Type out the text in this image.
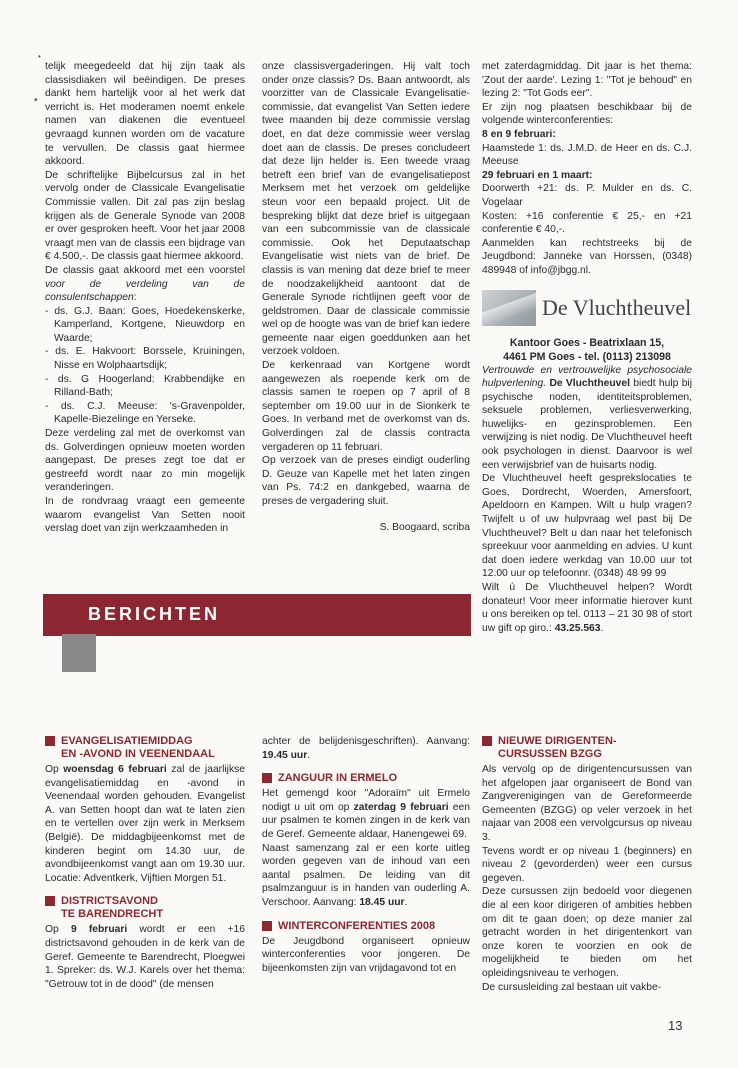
•
•

telijk meegedeeld dat hij zijn taak als classisdiaken wil beëindigen. De preses dankt hem hartelijk voor al het werk dat verricht is. Het moderamen noemt enkele namen van diakenen die eventueel gevraagd kunnen worden om de vacature te vervullen. De classis gaat hiermee akkoord.

De schriftelijke Bijbelcursus zal in het vervolg onder de Classicale Evangelisatie Commissie vallen. Dit zal pas zijn beslag krijgen als de Generale Synode van 2008 er over gesproken heeft. Voor het jaar 2008 vraagt men van de classis een bijdrage van € 4.500,-. De classis gaat hiermee akkoord.

De classis gaat akkoord met een voorstel voor de verdeling van de consulentschappen:

- ds. G.J. Baan: Goes, Hoedekenskerke, Kamperland, Kortgene, Nieuwdorp en Waarde;
- ds. E. Hakvoort: Borssele, Kruiningen, Nisse en Wolphaartsdijk;
- ds. G Hoogerland: Krabbendijke en Rilland-Bath;
- ds. C.J. Meeuse: 's-Gravenpolder, Kapelle-Biezelinge en Yerseke.

Deze verdeling zal met de overkomst van ds. Golverdingen opnieuw moeten worden aangepast. De preses zegt toe dat er gestreefd wordt naar zo min mogelijk veranderingen.

In de rondvraag vraagt een gemeente waarom evangelist Van Setten nooit verslag doet van zijn werkzaamheden in

onze classisvergaderingen. Hij valt toch onder onze classis? Ds. Baan antwoordt, als voorzitter van de Classicale Evangelisatie-commissie, dat evangelist Van Setten iedere twee maanden bij deze commissie verslag doet, en dat deze commissie weer verslag doet aan de classis. De preses concludeert dat deze lijn helder is. Een tweede vraag betreft een brief van de evangelisatiepost Merksem met het verzoek om geldelijke steun voor een bepaald project. Uit de bespreking blijkt dat deze brief is uitgegaan van een subcommissie van de classicale commissie. Ook het Deputaatschap Evangelisatie wist niets van de brief. De classis is van mening dat deze brief te meer de noodzakelijkheid aantoont dat de Generale Synode richtlijnen geeft voor de geldstromen. Daar de classicale commissie wel op de hoogte was van de brief kan iedere gemeente naar eigen goeddunken aan het verzoek voldoen.

De kerkenraad van Kortgene wordt aangewezen als roepende kerk om de classis samen te roepen op 7 april of 8 september om 19.00 uur in de Sionkerk te Goes. In verband met de overkomst van ds. Golverdingen zal de classis contracta vergaderen op 11 februari.

Op verzoek van de preses eindigt ouderling D. Geuze van Kapelle met het laten zingen van Ps. 74:2 en dankgebed, waarna de preses de vergadering sluit.

S. Boogaard, scriba

met zaterdagmiddag. Dit jaar is het thema: 'Zout der aarde'. Lezing 1: "Tot je behoud" en lezing 2: "Tot Gods eer".

Er zijn nog plaatsen beschikbaar bij de volgende winterconferenties:

8 en 9 februari:

Haamstede 1: ds. J.M.D. de Heer en ds. C.J. Meeuse

29 februari en 1 maart:

Doorwerth +21: ds. P. Mulder en ds. C. Vogelaar

Kosten: +16 conferentie € 25,- en +21 conferentie € 40,-.

Aanmelden kan rechtstreeks bij de Jeugdbond: Janneke van Horssen, (0348) 489948 of info@jbgg.nl.

De Vluchtheuvel
Kantoor Goes - Beatrixlaan 15,
4461 PM Goes - tel. (0113) 213098

Vertrouwde en vertrouwelijke psychosociale hulpverlening. De Vluchtheuvel biedt hulp bij psychische noden, identiteitsproblemen, seksuele problemen, verliesverwerking, huwelijks- en gezinsproblemen. Een verwijzing is niet nodig. De Vluchtheuvel heeft ook psychologen in dienst. Daarvoor is wel een verwijsbrief van de huisarts nodig.

De Vluchtheuvel heeft gesprekslocaties te Goes, Dordrecht, Woerden, Amersfoort, Apeldoorn en Kampen. Wilt u hulp vragen? Twijfelt u of uw hulpvraag wel past bij De Vluchtheuvel? Belt u dan naar het telefonisch spreekuur voor aanmelding en advies. U kunt dat doen iedere werkdag van 10.00 uur tot 12.00 uur op telefoonnr. (0348) 48 99 99

Wilt ú De Vluchtheuvel helpen? Wordt donateur! Voor meer informatie hierover kunt u ons bereiken op tel. 0113 – 21 30 98 of stort uw gift op giro.: 43.25.563.

BERICHTEN
EVANGELISATIEMIDDAG
EN -AVOND IN VEENENDAAL

Op woensdag 6 februari zal de jaarlijkse evangelisatiemiddag en -avond in Veenendaal worden gehouden. Evangelist A. van Setten hoopt dan wat te laten zien en te vertellen over zijn werk in Merksem (België). De middagbijeenkomst met de kinderen begint om 14.30 uur, de avondbijeenkomst vangt aan om 19.30 uur. Locatie: Adventkerk, Vijftien Morgen 51.

DISTRICTSAVOND
TE BARENDRECHT

Op 9 februari wordt er een +16 districtsavond gehouden in de kerk van de Geref. Gemeente te Barendrecht, Ploegwei 1. Spreker: ds. W.J. Karels over het thema: "Getrouw tot in de dood" (de mensen

achter de belijdenisgeschriften). Aanvang: 19.45 uur.

ZANGUUR IN ERMELO

Het gemengd koor "Adoraïm" uit Ermelo nodigt u uit om op zaterdag 9 februari een uur psalmen te komen zingen in de kerk van de Geref. Gemeente aldaar, Hanengewei 69.

Naast samenzang zal er een korte uitleg worden gegeven van de inhoud van een aantal psalmen. De leiding van dit psalmzanguur is in handen van ouderling A. Verschoor. Aanvang: 18.45 uur.

WINTERCONFERENTIES 2008

De Jeugdbond organiseert opnieuw winterconferenties voor jongeren. De bijeenkomsten zijn van vrijdagavond tot en

NIEUWE DIRIGENTEN-
CURSUSSEN BZGG

Als vervolg op de dirigentencursussen van het afgelopen jaar organiseert de Bond van Zangverenigingen van de Gereformeerde Gemeenten (BZGG) op veler verzoek in het najaar van 2008 een vervolgcursus op niveau 3.

Tevens wordt er op niveau 1 (beginners) en niveau 2 (gevorderden) weer een cursus gegeven.

Deze cursussen zijn bedoeld voor diegenen die al een koor dirigeren of ambities hebben om dit te gaan doen; op deze manier zal getracht worden in het dirigentenkort van onze koren te voorzien en ook de mogelijkheid te bieden om het opleidingsniveau te verhogen.

De cursusleiding zal bestaan uit vakbe-

13
